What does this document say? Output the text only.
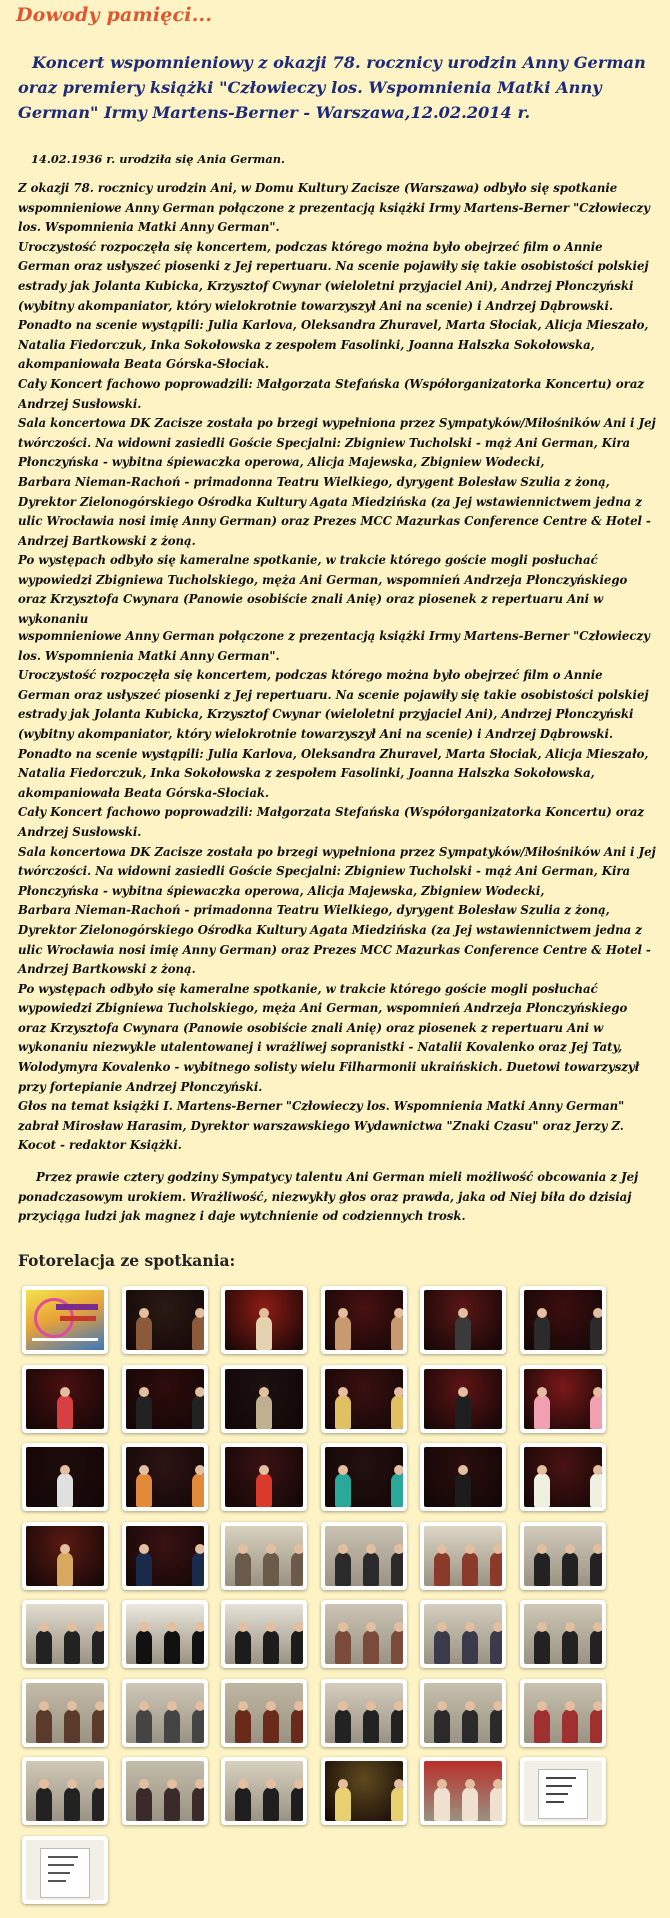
Dowody pamięci...
Koncert wspomnieniowy z okazji 78. rocznicy urodzin Anny German oraz premiery książki "Człowieczy los. Wspomnienia Matki Anny German" Irmy Martens-Berner - Warszawa,12.02.2014 r.
14.02.1936 r. urodziła się Ania German.
Z okazji 78. rocznicy urodzin Ani, w Domu Kultury Zacisze (Warszawa) odbyło się spotkanie wspomnieniowe Anny German połączone z prezentacją książki Irmy Martens-Berner "Człowieczy los. Wspomnienia Matki Anny German".
Uroczystość rozpoczęła się koncertem, podczas którego można było obejrzeć film o Annie German oraz usłyszeć piosenki z Jej repertuaru. Na scenie pojawiły się takie osobistości polskiej estrady jak Jolanta Kubicka, Krzysztof Cwynar (wieloletni przyjaciel Ani), Andrzej Płonczyński (wybitny akompaniator, który wielokrotnie towarzyszył Ani na scenie) i Andrzej Dąbrowski. Ponadto na scenie wystąpili: Julia Karlova, Oleksandra Zhuravel, Marta Słociak, Alicja Mieszało, Natalia Fiedorczuk, Inka Sokołowska z zespołem Fasolinki, Joanna Halszka Sokołowska, akompaniowała Beata Górska-Słociak.
Cały Koncert fachowo poprowadzili: Małgorzata Stefańska (Współorganizatorka Koncertu) oraz Andrzej Susłowski.
Sala koncertowa DK Zacisze została po brzegi wypełniona przez Sympatyków/Miłośników Ani i Jej twórczości. Na widowni zasiedli Goście Specjalni: Zbigniew Tucholski - mąż Ani German, Kira Płonczyńska - wybitna śpiewaczka operowa, Alicja Majewska, Zbigniew Wodecki,
Barbara Nieman-Rachoń - primadonna Teatru Wielkiego, dyrygent Bolesław Szulia z żoną, Dyrektor Zielonogórskiego Ośrodka Kultury Agata Miedzińska (za Jej wstawiennictwem jedna z ulic Wrocławia nosi imię Anny German) oraz Prezes MCC Mazurkas Conference Centre & Hotel - Andrzej Bartkowski z żoną.
Po występach odbyło się kameralne spotkanie, w trakcie którego goście mogli posłuchać wypowiedzi Zbigniewa Tucholskiego, męża Ani German, wspomnień Andrzeja Płonczyńskiego oraz Krzysztofa Cwynara (Panowie osobiście znali Anię) oraz piosenek z repertuaru Ani w wykonaniu
wspomnieniowe Anny German połączone z prezentacją książki Irmy Martens-Berner "Człowieczy los. Wspomnienia Matki Anny German".
Uroczystość rozpoczęła się koncertem, podczas którego można było obejrzeć film o Annie German oraz usłyszeć piosenki z Jej repertuaru. Na scenie pojawiły się takie osobistości polskiej estrady jak Jolanta Kubicka, Krzysztof Cwynar (wieloletni przyjaciel Ani), Andrzej Płonczyński (wybitny akompaniator, który wielokrotnie towarzyszył Ani na scenie) i Andrzej Dąbrowski. Ponadto na scenie wystąpili: Julia Karlova, Oleksandra Zhuravel, Marta Słociak, Alicja Mieszało, Natalia Fiedorczuk, Inka Sokołowska z zespołem Fasolinki, Joanna Halszka Sokołowska, akompaniowała Beata Górska-Słociak.
Cały Koncert fachowo poprowadzili: Małgorzata Stefańska (Współorganizatorka Koncertu) oraz Andrzej Susłowski.
Sala koncertowa DK Zacisze została po brzegi wypełniona przez Sympatyków/Miłośników Ani i Jej twórczości. Na widowni zasiedli Goście Specjalni: Zbigniew Tucholski - mąż Ani German, Kira Płonczyńska - wybitna śpiewaczka operowa, Alicja Majewska, Zbigniew Wodecki,
Barbara Nieman-Rachoń - primadonna Teatru Wielkiego, dyrygent Bolesław Szulia z żoną, Dyrektor Zielonogórskiego Ośrodka Kultury Agata Miedzińska (za Jej wstawiennictwem jedna z ulic Wrocławia nosi imię Anny German) oraz Prezes MCC Mazurkas Conference Centre & Hotel - Andrzej Bartkowski z żoną.
Po występach odbyło się kameralne spotkanie, w trakcie którego goście mogli posłuchać wypowiedzi Zbigniewa Tucholskiego, męża Ani German, wspomnień Andrzeja Płonczyńskiego oraz Krzysztofa Cwynara (Panowie osobiście znali Anię) oraz piosenek z repertuaru Ani w wykonaniu niezwykle utalentowanej i wrażliwej sopranistki - Natalii Kovalenko oraz Jej Taty, Wolodymyra Kovalenko - wybitnego solisty wielu Filharmonii ukraińskich. Duetowi towarzyszył przy fortepianie Andrzej Płonczyński.
Głos na temat książki I. Martens-Berner "Człowieczy los. Wspomnienia Matki Anny German" zabrał Mirosław Harasim, Dyrektor warszawskiego Wydawnictwa "Znaki Czasu" oraz Jerzy Z. Kocot - redaktor Książki.
Przez prawie cztery godziny Sympatycy talentu Ani German mieli możliwość obcowania z Jej ponadczasowym urokiem. Wrażliwość, niezwykły głos oraz prawda, jaka od Niej biła do dzisiaj przyciąga ludzi jak magnez i daje wytchnienie od codziennych trosk.
Fotorelacja ze spotkania:
